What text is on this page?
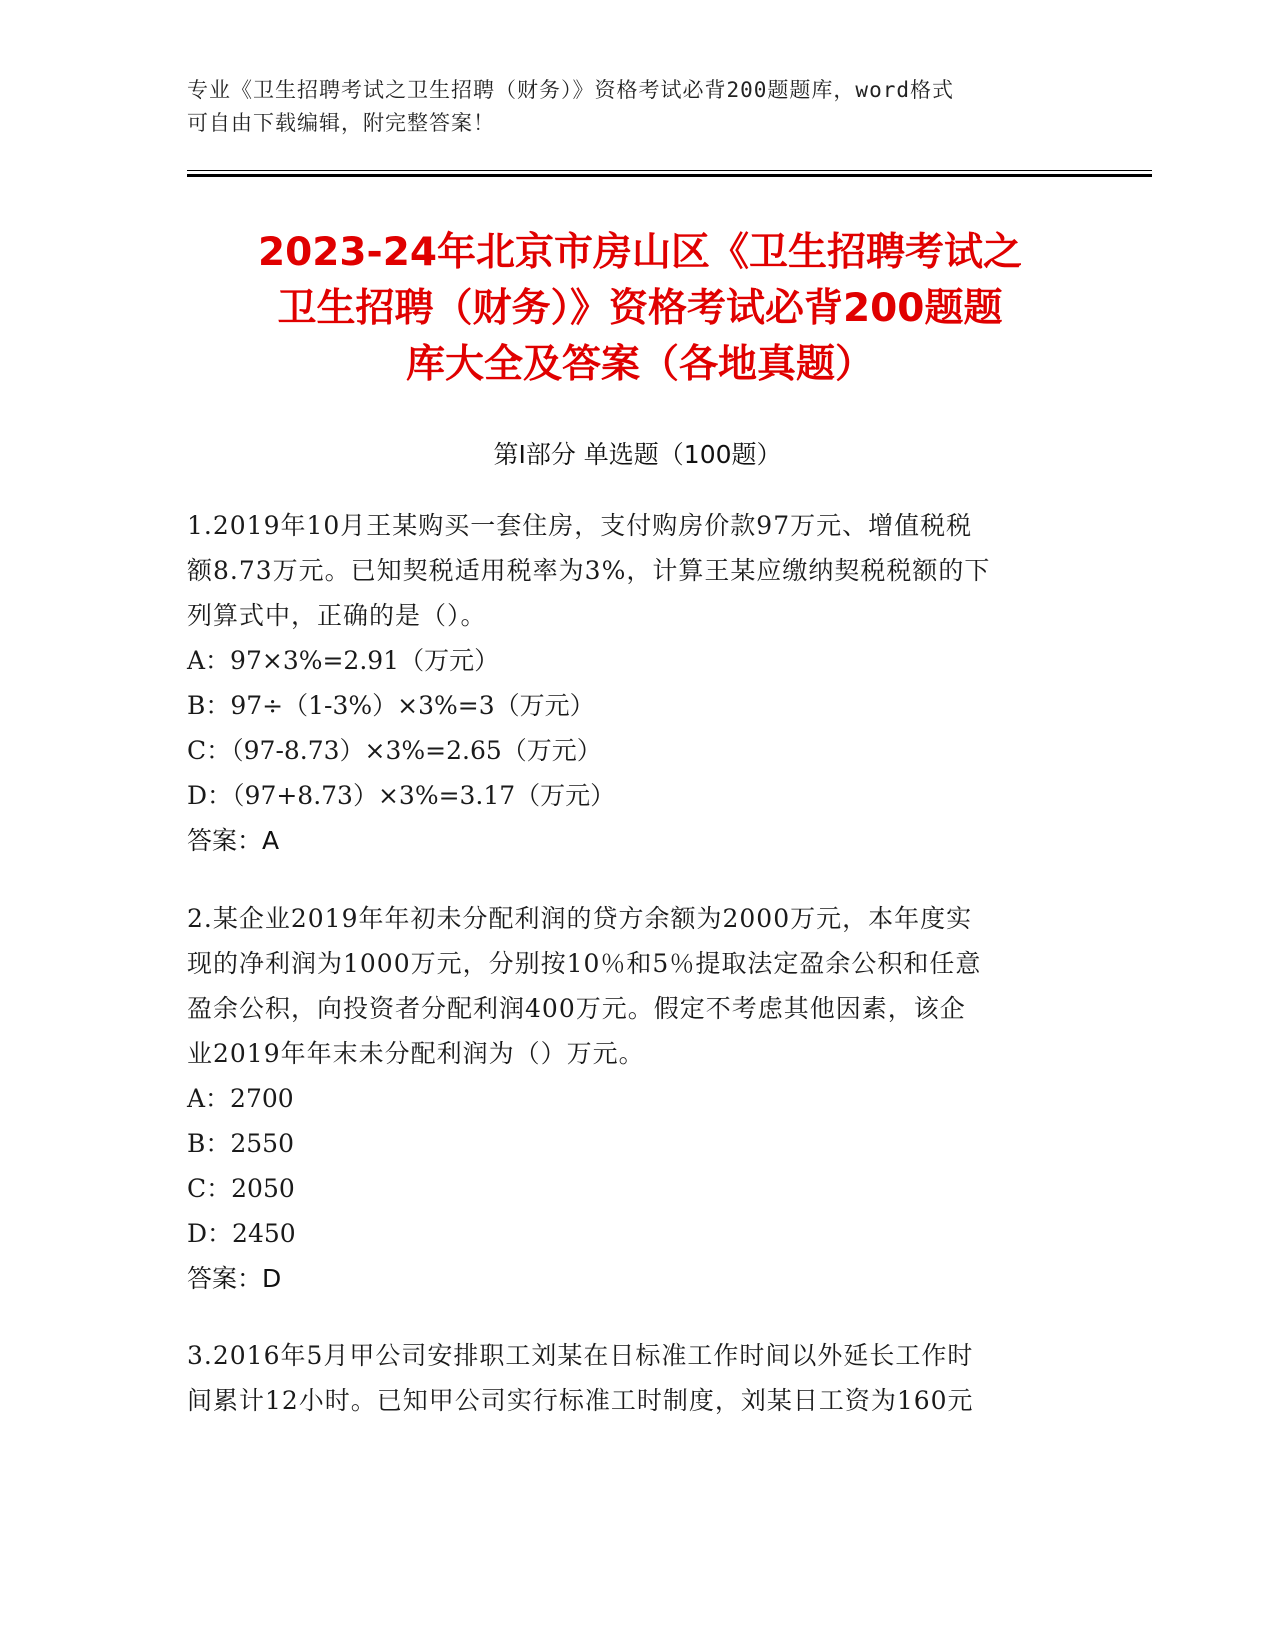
专业《卫生招聘考试之卫生招聘（财务）》资格考试必背200题题库，word格式
可自由下载编辑，附完整答案！
2023-24年北京市房山区《卫生招聘考试之
卫生招聘（财务）》资格考试必背200题题
库大全及答案（各地真题）
第Ⅰ部分 单选题（100题）
1.2019年10月王某购买一套住房，支付购房价款97万元、增值税税
额8.73万元。已知契税适用税率为3%，计算王某应缴纳契税税额的下
列算式中，正确的是（）。
A：97×3%=2.91（万元）
B：97÷（1-3%）×3%=3（万元）
C：（97-8.73）×3%=2.65（万元）
D：（97+8.73）×3%=3.17（万元）
答案：A
2.某企业2019年年初未分配利润的贷方余额为2000万元，本年度实
现的净利润为1000万元，分别按10％和5％提取法定盈余公积和任意
盈余公积，向投资者分配利润400万元。假定不考虑其他因素，该企
业2019年年末未分配利润为（）万元。
A：2700
B：2550
C：2050
D：2450
答案：D
3.2016年5月甲公司安排职工刘某在日标准工作时间以外延长工作时
间累计12小时。已知甲公司实行标准工时制度，刘某日工资为160元
